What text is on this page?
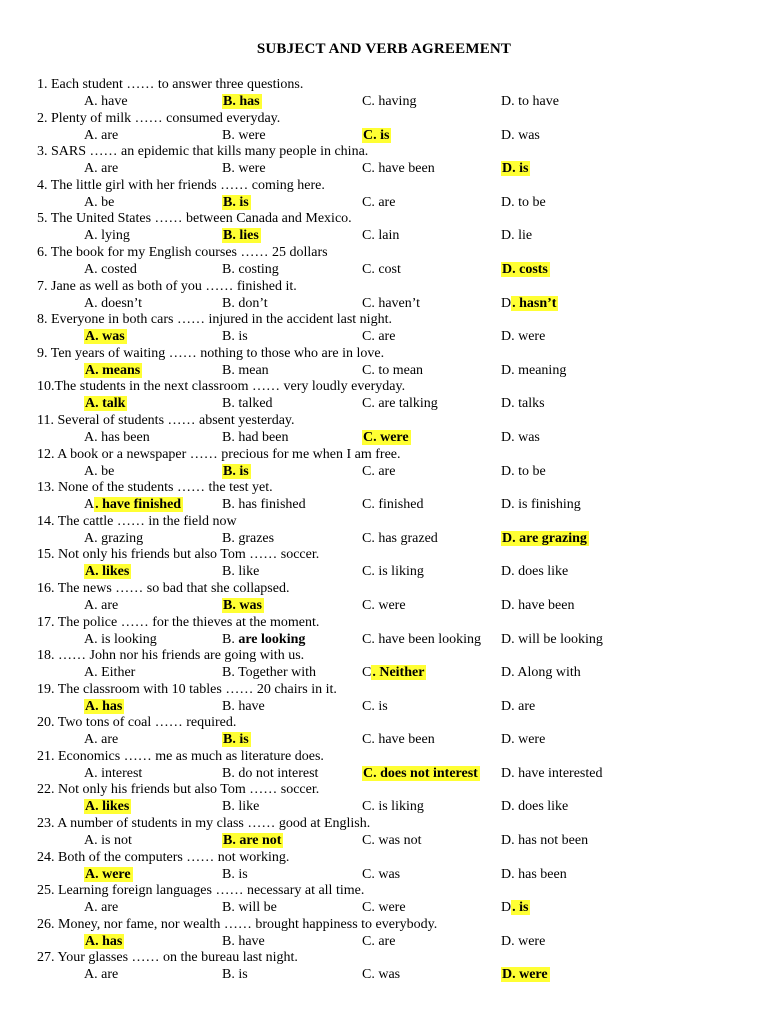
SUBJECT AND VERB AGREEMENT
1. Each student …… to answer three questions.
A. have	B. has	C. having	D. to have
2. Plenty of milk …… consumed everyday.
A. are	B. were	C. is	D. was
3. SARS …… an epidemic that kills many people in china.
A. are	B. were	C. have been	D. is
4. The little girl with her friends …… coming here.
A. be	B. is	C. are	D. to be
5. The United States …… between Canada and Mexico.
A. lying	B. lies	C. lain	D. lie
6. The book for my English courses …… 25 dollars
A. costed	B. costing	C. cost	D. costs
7. Jane as well as both of you …… finished it.
A. doesn’t	B. don’t	C. haven’t	D. hasn’t
8. Everyone in both cars …… injured in the accident last night.
A. was	B. is	C. are	D. were
9. Ten years of waiting …… nothing to those who are in love.
A. means	B. mean	C. to mean	D. meaning
10.The students in the next classroom …… very loudly everyday.
A. talk	B. talked	C. are talking	D. talks
11. Several of students …… absent yesterday.
A. has been	B. had been	C. were	D. was
12. A book or a newspaper …… precious for me when I am free.
A. be	B. is	C. are	D. to be
13. None of the students …… the test yet.
A. have finished	B. has finished	C. finished	D. is finishing
14. The cattle …… in the field now
A. grazing	B. grazes	C. has grazed	D. are grazing
15. Not only his friends but also Tom …… soccer.
A. likes	B. like	C. is liking	D. does like
16. The news …… so bad that she collapsed.
A. are	B. was	C. were	D. have been
17. The police …… for the thieves at the moment.
A. is looking	B. are looking	C. have been looking D. will be looking
18. …… John nor his friends are going with us.
A. Either	B. Together with	C. Neither	D. Along with
19. The classroom with 10 tables …… 20 chairs in it.
A. has	B. have	C. is	D. are
20. Two tons of coal …… required.
A. are	B. is	C. have been	D. were
21. Economics …… me as much as literature does.
A. interest	B. do not interest	C. does not interest D. have interested
22. Not only his friends but also Tom …… soccer.
A. likes	B. like	C. is liking	D. does like
23. A number of students in my class …… good at English.
A. is not	B. are not	C. was not	D. has not been
24. Both of the computers …… not working.
A. were	B. is	C. was	D. has been
25. Learning foreign languages …… necessary at all time.
A. are	B. will be	C. were	D. is
26. Money, nor fame, nor wealth …… brought happiness to everybody.
A. has	B. have	C. are	D. were
27. Your glasses …… on the bureau last night.
A. are	B. is	C. was	D. were
